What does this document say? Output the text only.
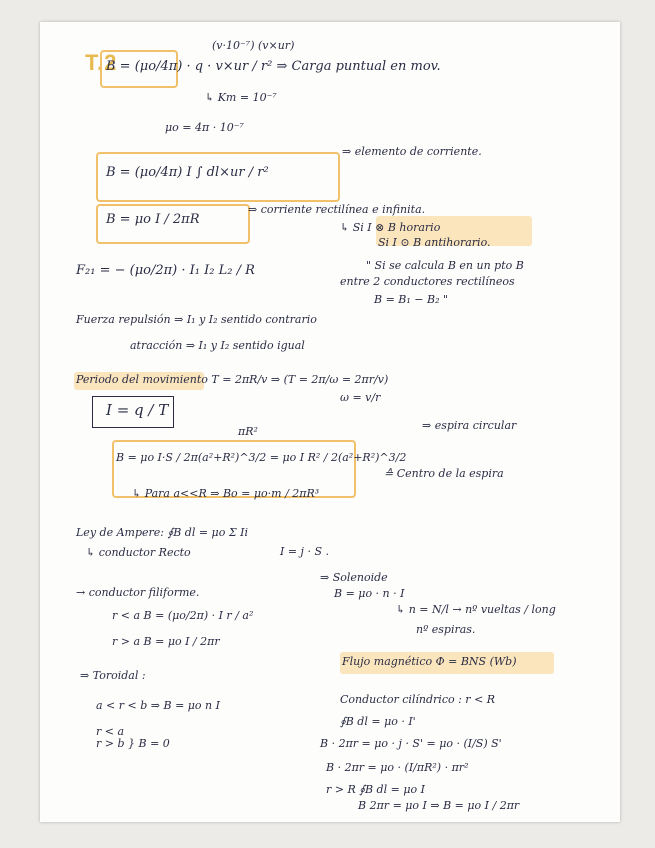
T.2
(v·10⁻⁷) (v×ur)
B = (μo/4π) · q · v×ur / r² ⇒ Carga puntual en mov.
↳ Km = 10⁻⁷
μo = 4π · 10⁻⁷
B = (μo/4π) I ∫ dl×ur / r²
⇒ elemento de corriente.
B = μo I / 2πR
⇒ corriente rectilínea e infinita.
↳ Si I ⊗ B horario
Si I ⊙ B antihorario.
F₂₁ = − (μo/2π) · I₁ I₂ L₂ / R	" Si se calcula B en un pto B
entre 2 conductores rectilíneos
B = B₁ − B₂ "
Fuerza repulsión ⇒ I₁ y I₂ sentido contrario
atracción ⇒ I₁ y I₂ sentido igual
Periodo del movimiento T = 2πR/v ⇒ (T = 2π/ω = 2πr/v)
ω = v/r
I = q / T
πR²
B = μo I·S / 2π(a²+R²)^3/2 = μo I R² / 2(a²+R²)^3/2
⇒ espira circular
↳ Para a<<R ⇒ Bo = μo·m / 2πR³
≙ Centro de la espira
Ley de Ampere: ∮B dl = μo Σ Ii
↳ conductor Recto	I = j · S .
⇒ Solenoide
B = μo · n · I
↳ n = N/l → nº vueltas / long
nº espiras.
→ conductor filiforme.
r < a B = (μo/2π) · I r / a²
r > a B = μo I / 2πr
Flujo magnético Φ = BNS (Wb)
⇒ Toroidal :
a < r < b ⇒ B = μo n I
r < a
r > b } B = 0
Conductor cilíndrico : r < R
∮B dl = μo · I'
B · 2πr = μo · j · S' = μo · (I/S) S'
B · 2πr = μo · (I/πR²) · πr²
r > R ∮B dl = μo I
B 2πr = μo I ⇒ B = μo I / 2πr
